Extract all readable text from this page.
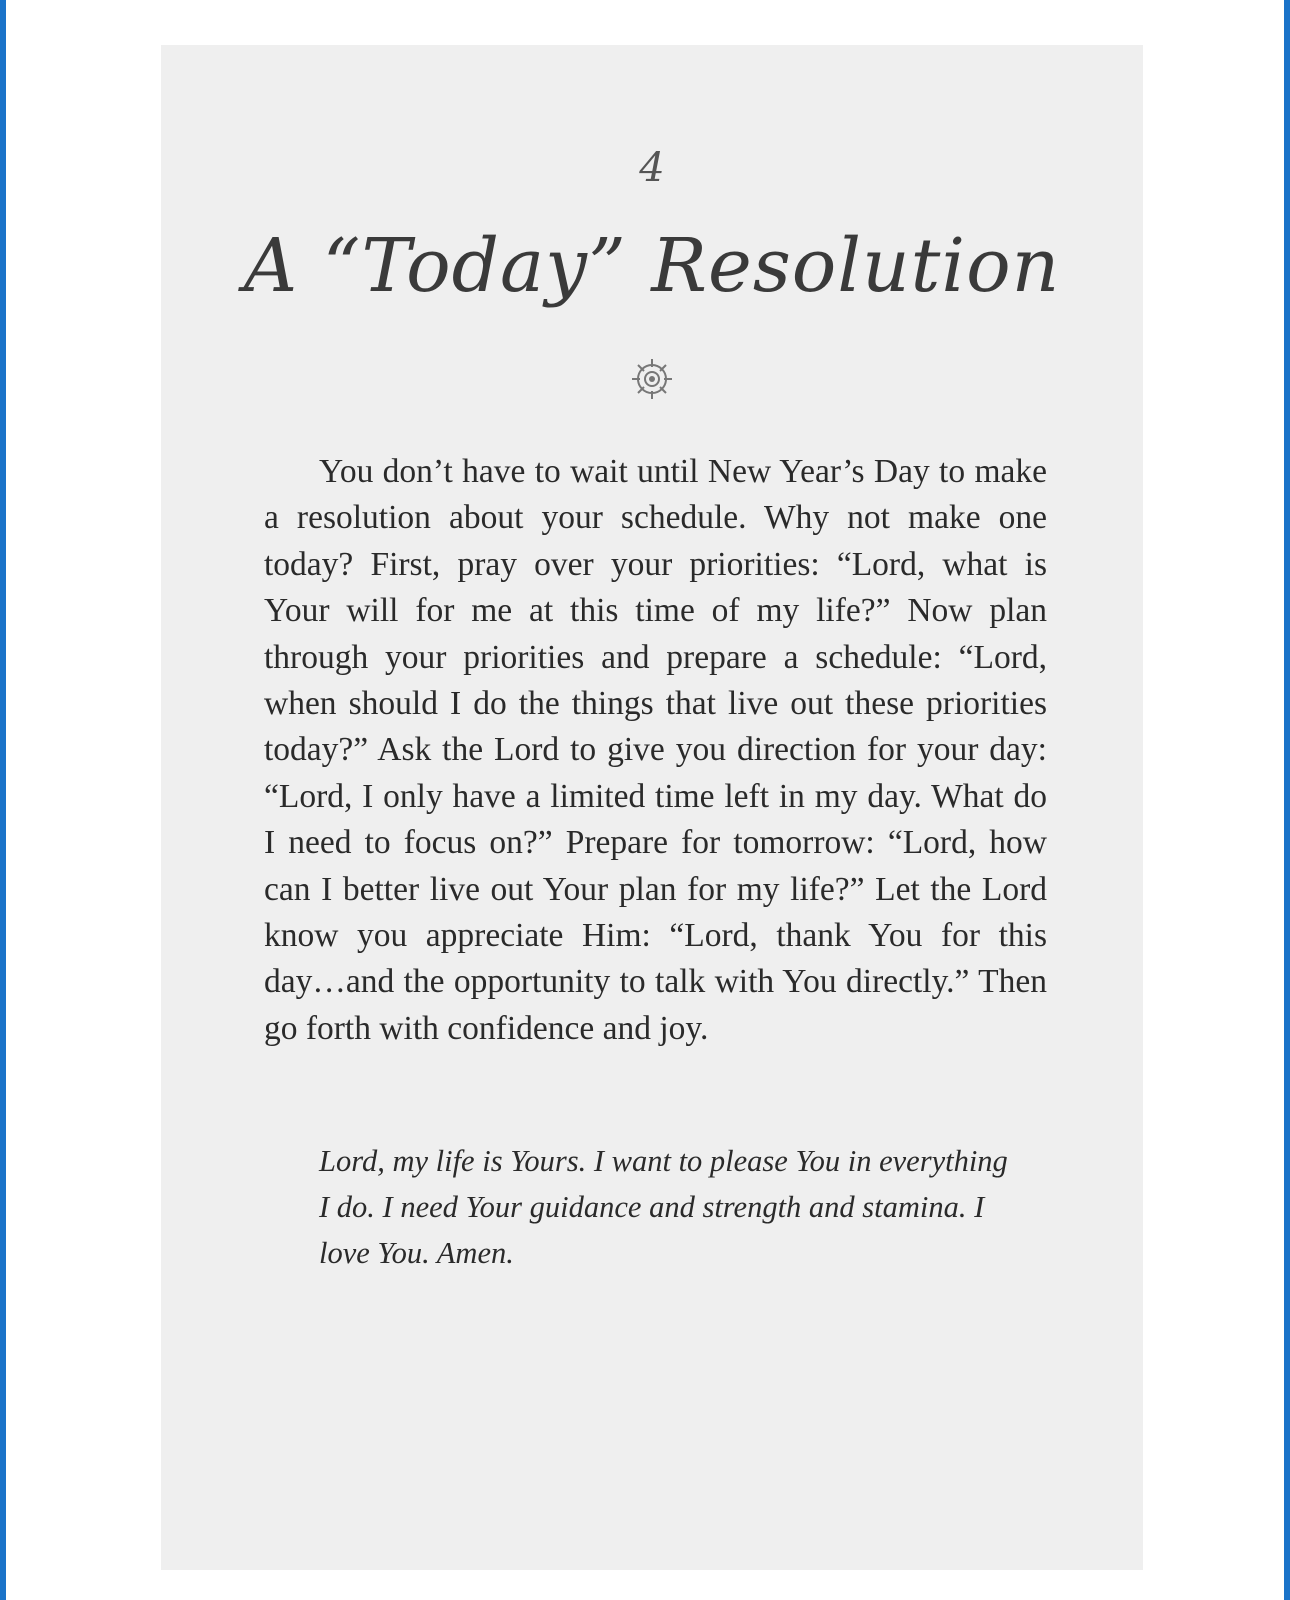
4
A “Today” Resolution
You don’t have to wait until New Year’s Day to make a resolution about your schedule. Why not make one today? First, pray over your priorities: “Lord, what is Your will for me at this time of my life?” Now plan through your priorities and prepare a schedule: “Lord, when should I do the things that live out these priorities today?” Ask the Lord to give you direction for your day: “Lord, I only have a limited time left in my day. What do I need to focus on?” Prepare for tomorrow: “Lord, how can I better live out Your plan for my life?” Let the Lord know you appreciate Him: “Lord, thank You for this day…and the opportunity to talk with You directly.” Then go forth with confidence and joy.
Lord, my life is Yours. I want to please You in everything I do. I need Your guidance and strength and stamina. I love You. Amen.
